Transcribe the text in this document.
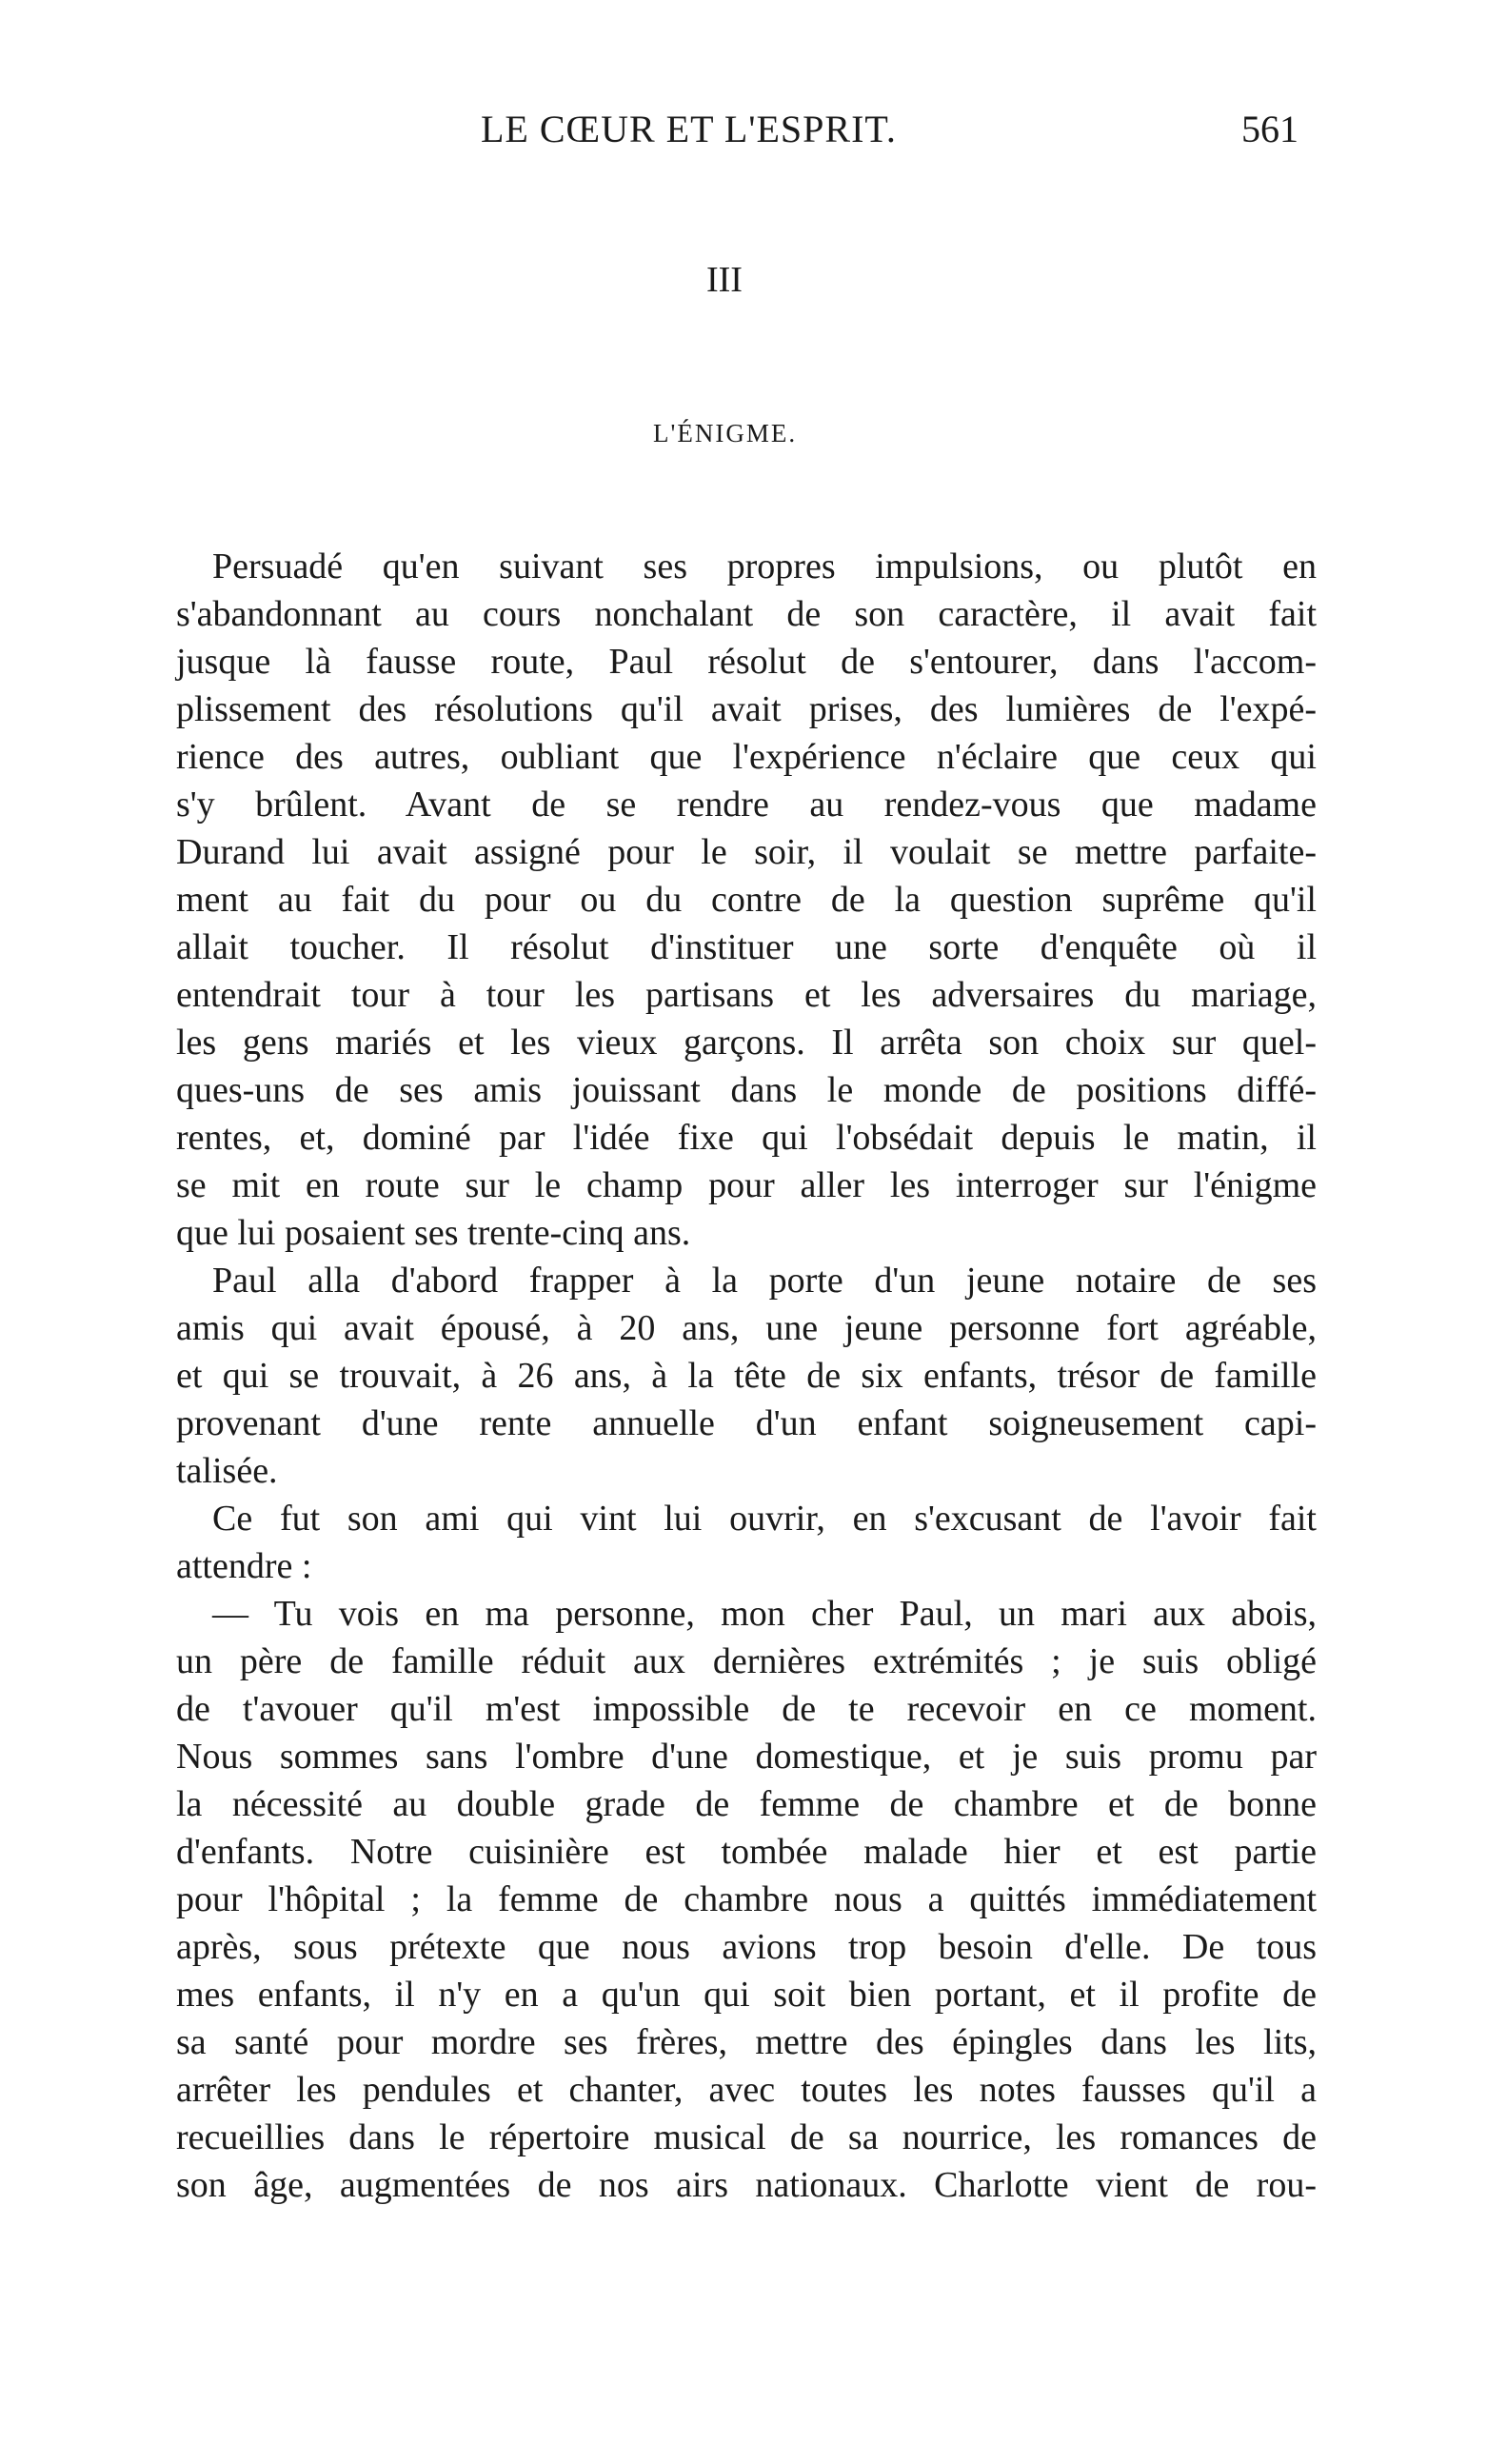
LE CŒUR ET L'ESPRIT.	561
III
L'ÉNIGME.
Persuadé qu'en suivant ses propres impulsions, ou plutôt en
s'abandonnant au cours nonchalant de son caractère, il avait fait
jusque là fausse route, Paul résolut de s'entourer, dans l'accom-
plissement des résolutions qu'il avait prises, des lumières de l'expé-
rience des autres, oubliant que l'expérience n'éclaire que ceux qui
s'y brûlent. Avant de se rendre au rendez-vous que madame
Durand lui avait assigné pour le soir, il voulait se mettre parfaite-
ment au fait du pour ou du contre de la question suprême qu'il
allait toucher. Il résolut d'instituer une sorte d'enquête où il
entendrait tour à tour les partisans et les adversaires du mariage,
les gens mariés et les vieux garçons. Il arrêta son choix sur quel-
ques-uns de ses amis jouissant dans le monde de positions diffé-
rentes, et, dominé par l'idée fixe qui l'obsédait depuis le matin, il
se mit en route sur le champ pour aller les interroger sur l'énigme
que lui posaient ses trente-cinq ans.
Paul alla d'abord frapper à la porte d'un jeune notaire de ses
amis qui avait épousé, à 20 ans, une jeune personne fort agréable,
et qui se trouvait, à 26 ans, à la tête de six enfants, trésor de famille
provenant d'une rente annuelle d'un enfant soigneusement capi-
talisée.
Ce fut son ami qui vint lui ouvrir, en s'excusant de l'avoir fait
attendre :
— Tu vois en ma personne, mon cher Paul, un mari aux abois,
un père de famille réduit aux dernières extrémités ; je suis obligé
de t'avouer qu'il m'est impossible de te recevoir en ce moment.
Nous sommes sans l'ombre d'une domestique, et je suis promu par
la nécessité au double grade de femme de chambre et de bonne
d'enfants. Notre cuisinière est tombée malade hier et est partie
pour l'hôpital ; la femme de chambre nous a quittés immédiatement
après, sous prétexte que nous avions trop besoin d'elle. De tous
mes enfants, il n'y en a qu'un qui soit bien portant, et il profite de
sa santé pour mordre ses frères, mettre des épingles dans les lits,
arrêter les pendules et chanter, avec toutes les notes fausses qu'il a
recueillies dans le répertoire musical de sa nourrice, les romances de
son âge, augmentées de nos airs nationaux. Charlotte vient de rou-
